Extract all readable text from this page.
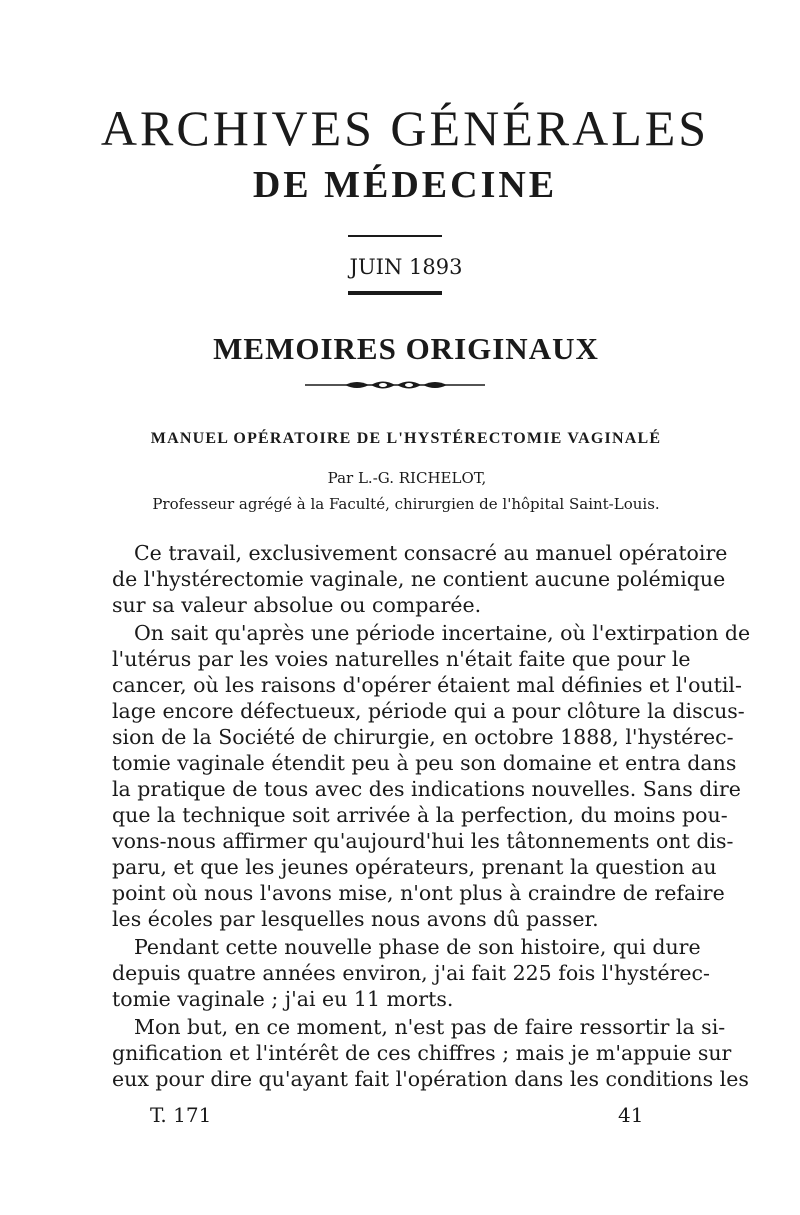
ARCHIVES GÉNÉRALES
DE MÉDECINE
JUIN 1893
MEMOIRES ORIGINAUX
MANUEL OPÉRATOIRE DE L'HYSTÉRECTOMIE VAGINALÉ
Par L.-G. RICHELOT,
Professeur agrégé à la Faculté, chirurgien de l'hôpital Saint-Louis.
Ce travail, exclusivement consacré au manuel opératoire
de l'hystérectomie vaginale, ne contient aucune polémique
sur sa valeur absolue ou comparée.
On sait qu'après une période incertaine, où l'extirpation de
l'utérus par les voies naturelles n'était faite que pour le
cancer, où les raisons d'opérer étaient mal définies et l'outil-
lage encore défectueux, période qui a pour clôture la discus-
sion de la Société de chirurgie, en octobre 1888, l'hystérec-
tomie vaginale étendit peu à peu son domaine et entra dans
la pratique de tous avec des indications nouvelles. Sans dire
que la technique soit arrivée à la perfection, du moins pou-
vons-nous affirmer qu'aujourd'hui les tâtonnements ont dis-
paru, et que les jeunes opérateurs, prenant la question au
point où nous l'avons mise, n'ont plus à craindre de refaire
les écoles par lesquelles nous avons dû passer.
Pendant cette nouvelle phase de son histoire, qui dure
depuis quatre années environ, j'ai fait 225 fois l'hystérec-
tomie vaginale ; j'ai eu 11 morts.
Mon but, en ce moment, n'est pas de faire ressortir la si-
gnification et l'intérêt de ces chiffres ; mais je m'appuie sur
eux pour dire qu'ayant fait l'opération dans les conditions les
T. 171	41
